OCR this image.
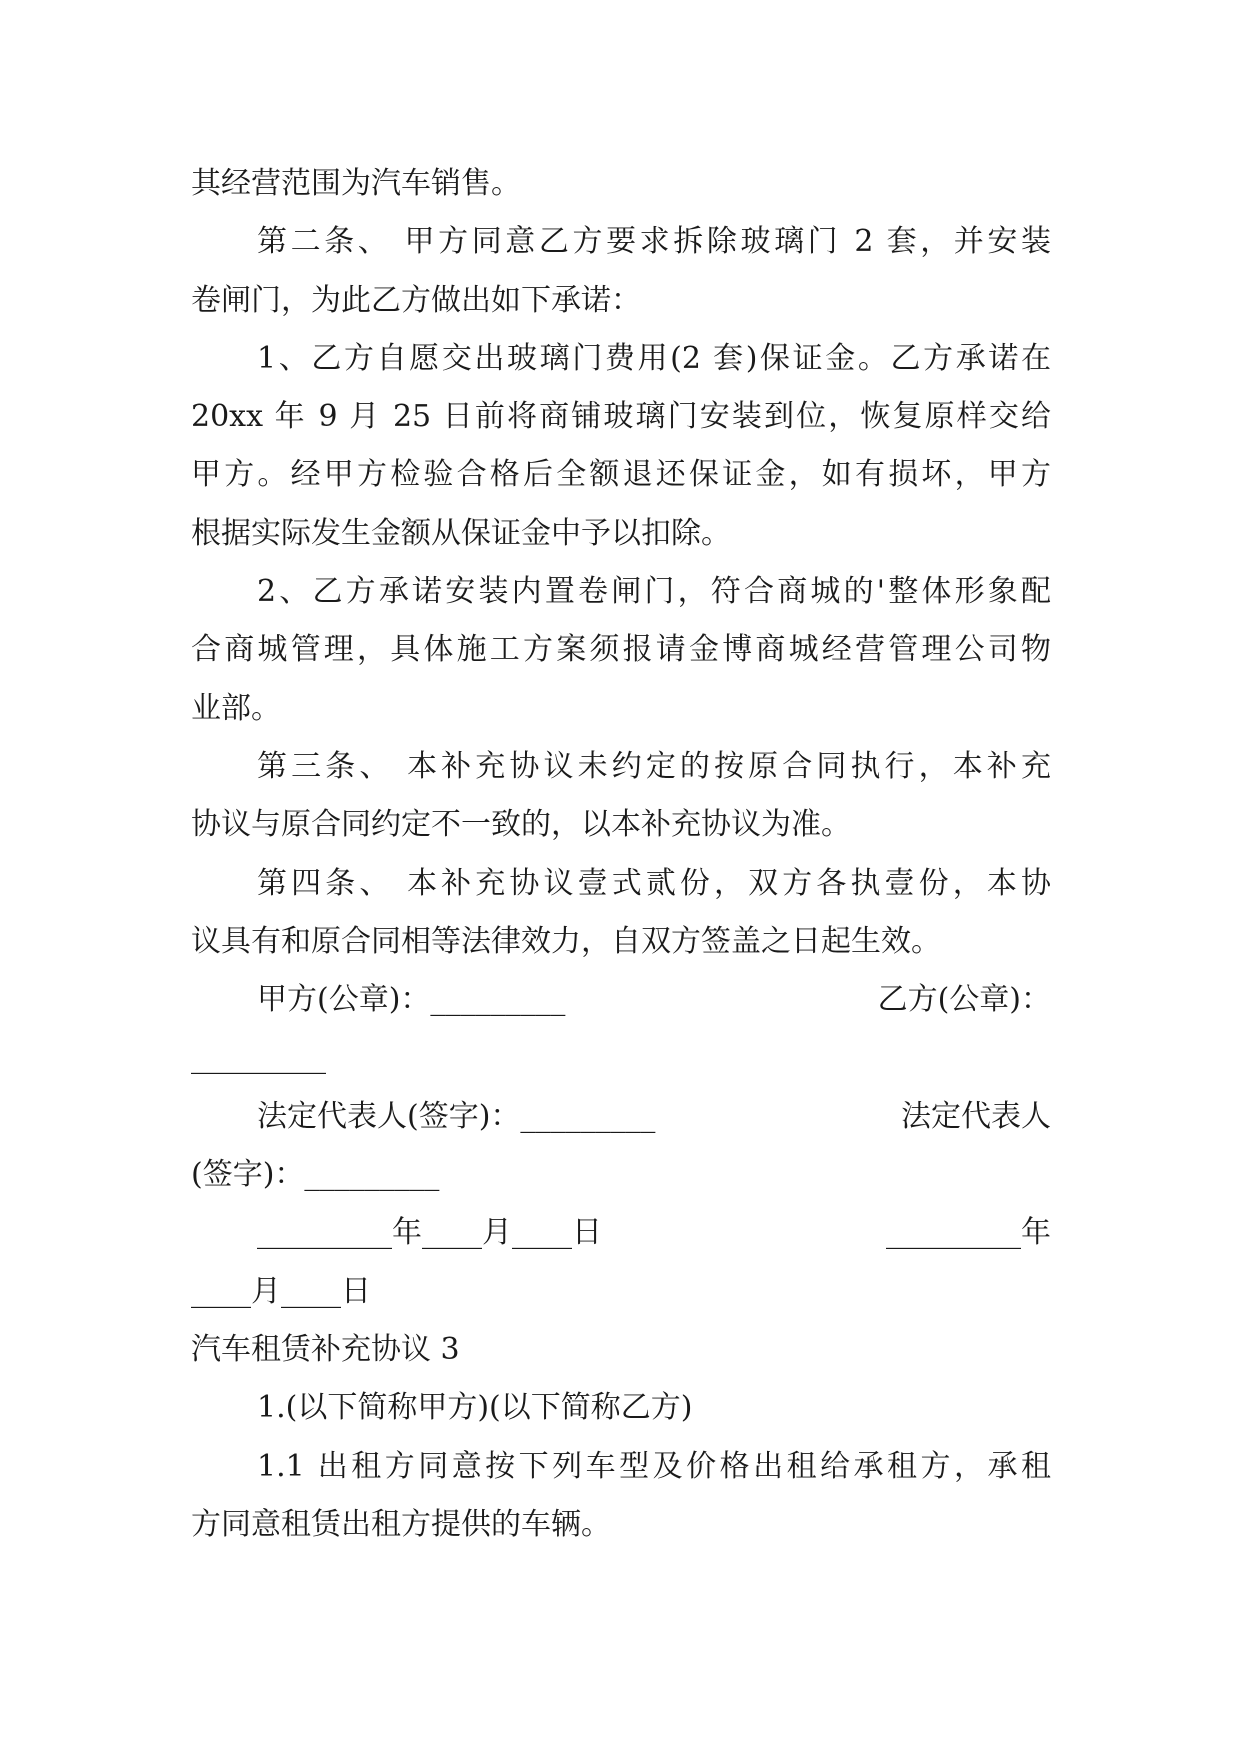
其经营范围为汽车销售。
第二条、 甲方同意乙方要求拆除玻璃门 2 套，并安装
卷闸门，为此乙方做出如下承诺：
1、乙方自愿交出玻璃门费用(2 套)保证金。乙方承诺在
20xx 年 9 月 25 日前将商铺玻璃门安装到位，恢复原样交给
甲方。经甲方检验合格后全额退还保证金，如有损坏，甲方
根据实际发生金额从保证金中予以扣除。
2、乙方承诺安装内置卷闸门，符合商城的'整体形象配
合商城管理，具体施工方案须报请金博商城经营管理公司物
业部。
第三条、 本补充协议未约定的按原合同执行，本补充
协议与原合同约定不一致的，以本补充协议为准。
第四条、 本补充协议壹式贰份，双方各执壹份，本协
议具有和原合同相等法律效力，自双方签盖之日起生效。
甲方(公章)：_________	乙方(公章)：
_________
法定代表人(签字)：_________	法定代表人
(签字)：_________
_________年____月____日	_________年
____月____日
汽车租赁补充协议 3
1.(以下简称甲方)(以下简称乙方)
1.1 出租方同意按下列车型及价格出租给承租方，承租
方同意租赁出租方提供的车辆。
